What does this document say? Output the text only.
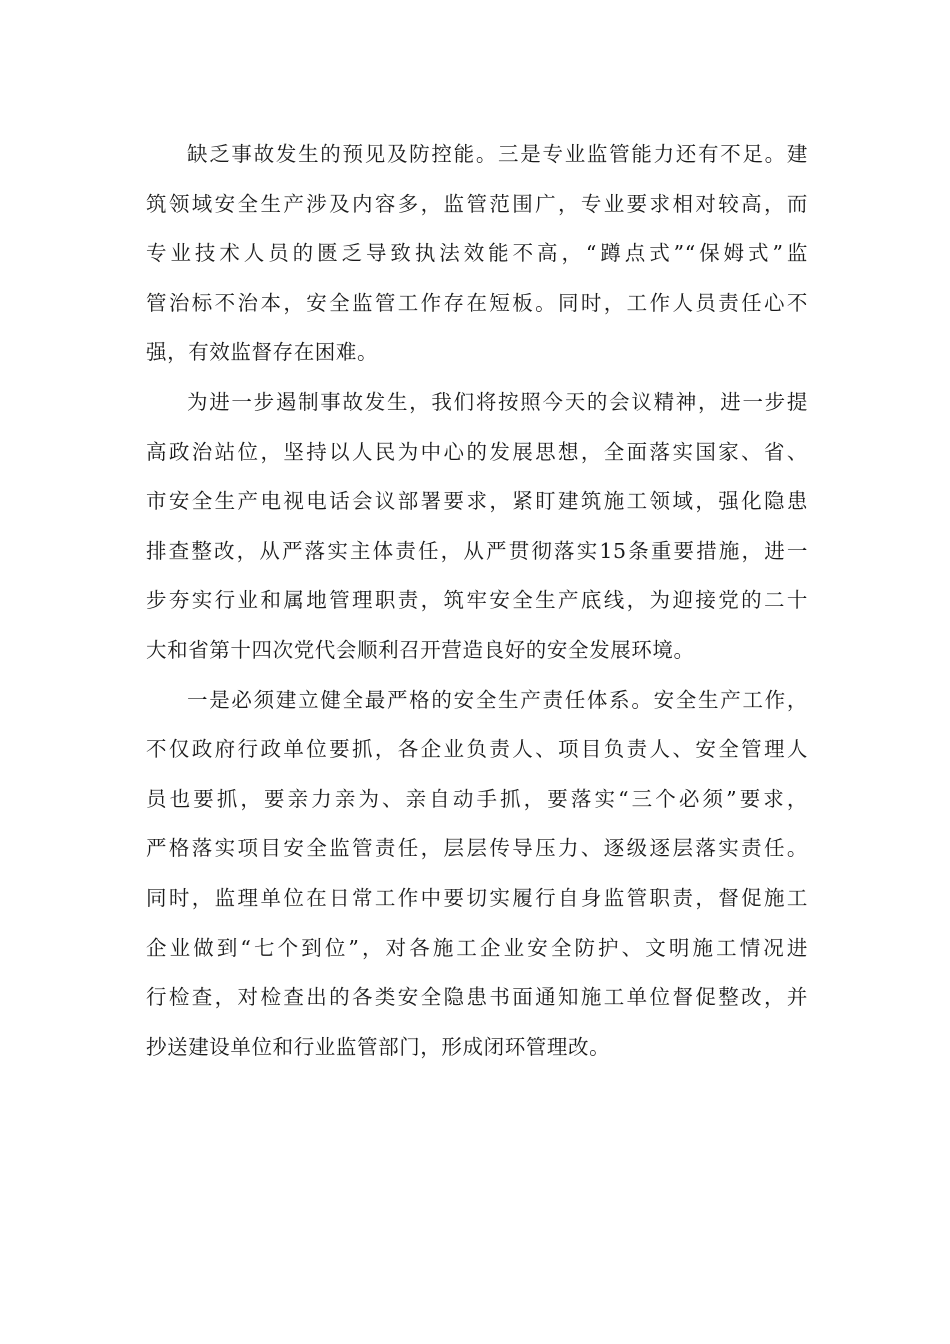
缺乏事故发生的预见及防控能。三是专业监管能力还有不足。建
筑领域安全生产涉及内容多，监管范围广，专业要求相对较高，而
专业技术人员的匮乏导致执法效能不高，“蹲点式”“保姆式”监
管治标不治本，安全监管工作存在短板。同时，工作人员责任心不
强，有效监督存在困难。
为进一步遏制事故发生，我们将按照今天的会议精神，进一步提
高政治站位，坚持以人民为中心的发展思想，全面落实国家、省、
市安全生产电视电话会议部署要求，紧盯建筑施工领域，强化隐患
排查整改，从严落实主体责任，从严贯彻落实15条重要措施，进一
步夯实行业和属地管理职责，筑牢安全生产底线，为迎接党的二十
大和省第十四次党代会顺利召开营造良好的安全发展环境。
一是必须建立健全最严格的安全生产责任体系。安全生产工作，
不仅政府行政单位要抓，各企业负责人、项目负责人、安全管理人
员也要抓，要亲力亲为、亲自动手抓，要落实“三个必须”要求，
严格落实项目安全监管责任，层层传导压力、逐级逐层落实责任。
同时，监理单位在日常工作中要切实履行自身监管职责，督促施工
企业做到“七个到位”，对各施工企业安全防护、文明施工情况进
行检查，对检查出的各类安全隐患书面通知施工单位督促整改，并
抄送建设单位和行业监管部门，形成闭环管理改。
